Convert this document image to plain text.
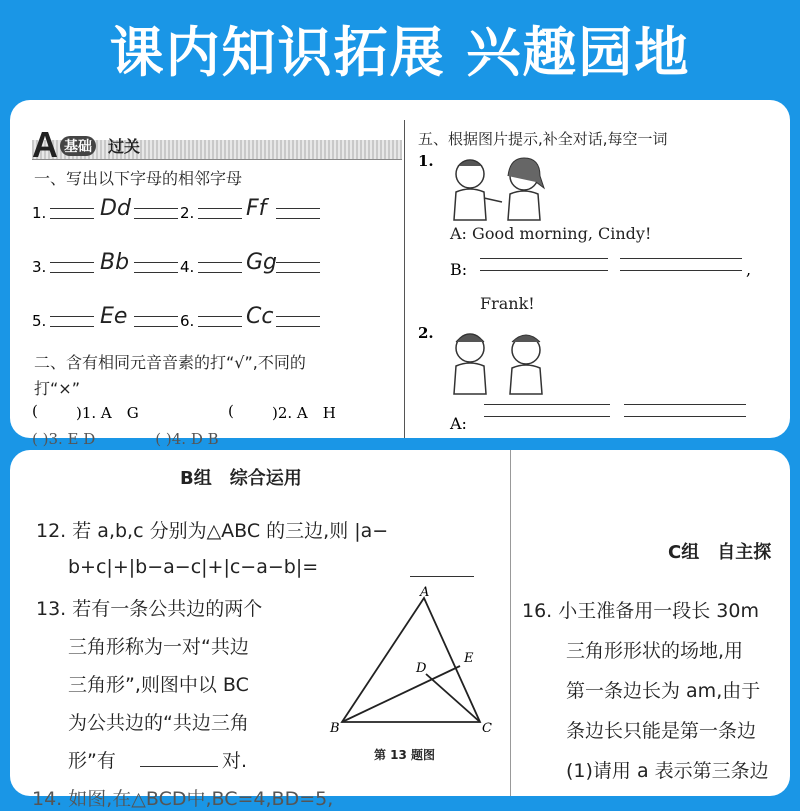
课内知识拓展 兴趣园地
A 基础 过关
一、写出以下字母的相邻字母
1. Dd	2. Ff
3. Bb	4. Gg
5. Ee	6. Cc
二、含有相同元音音素的打“√”,不同的
打“×”
(	)1. A　G	(	)2. A　H
( )3. E D　　　　( )4. D B
五、根据图片提示,补全对话,每空一词
1.
A: Good morning, Cindy!
B:	,
Frank!
2.
A:
B组　综合运用
12. 若 a,b,c 分别为△ABC 的三边,则 |a−
b+c|+|b−a−c|+|c−a−b|=
13. 若有一条公共边的两个
三角形称为一对“共边
三角形”,则图中以 BC
为公共边的“共边三角
形”有	对.
A
B	C
D
E
第 13 题图
14. 如图,在△BCD中,BC=4,BD=5,
C组　自主探
16. 小王准备用一段长 30m
三角形形状的场地,用
第一条边长为 am,由于
条边长只能是第一条边
(1)请用 a 表示第三条边
